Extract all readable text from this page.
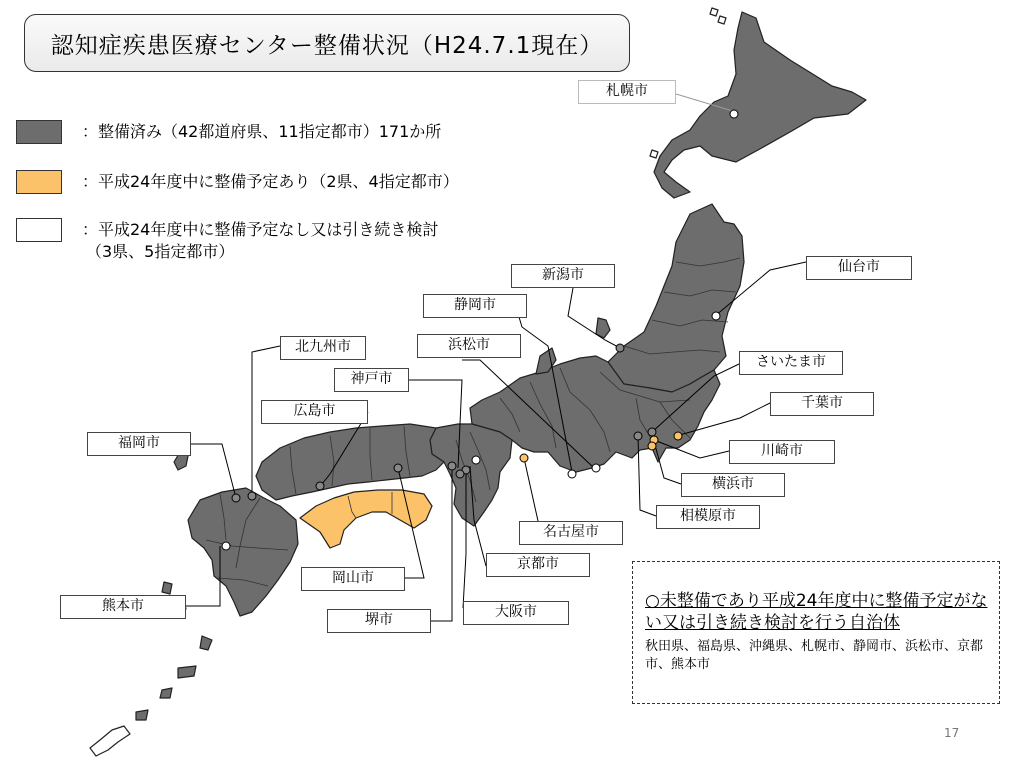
認知症疾患医療センター整備状況（H24.7.1現在）
：整備済み（42都道府県、11指定都市）171か所
：平成24年度中に整備予定あり（2県、4指定都市）
：平成24年度中に整備予定なし又は引き続き検討
（3県、5指定都市）
札幌市
仙台市
新潟市
静岡市
さいたま市
千葉市
川崎市
横浜市
相模原市
名古屋市
京都市
大阪市
堺市
岡山市
熊本市
福岡市
広島市
神戸市
北九州市	浜松市
○未整備であり平成24年度中に整備予定がない又は引き続き検討を行う自治体
秋田県、福島県、沖縄県、札幌市、静岡市、浜松市、京都市、熊本市
17
